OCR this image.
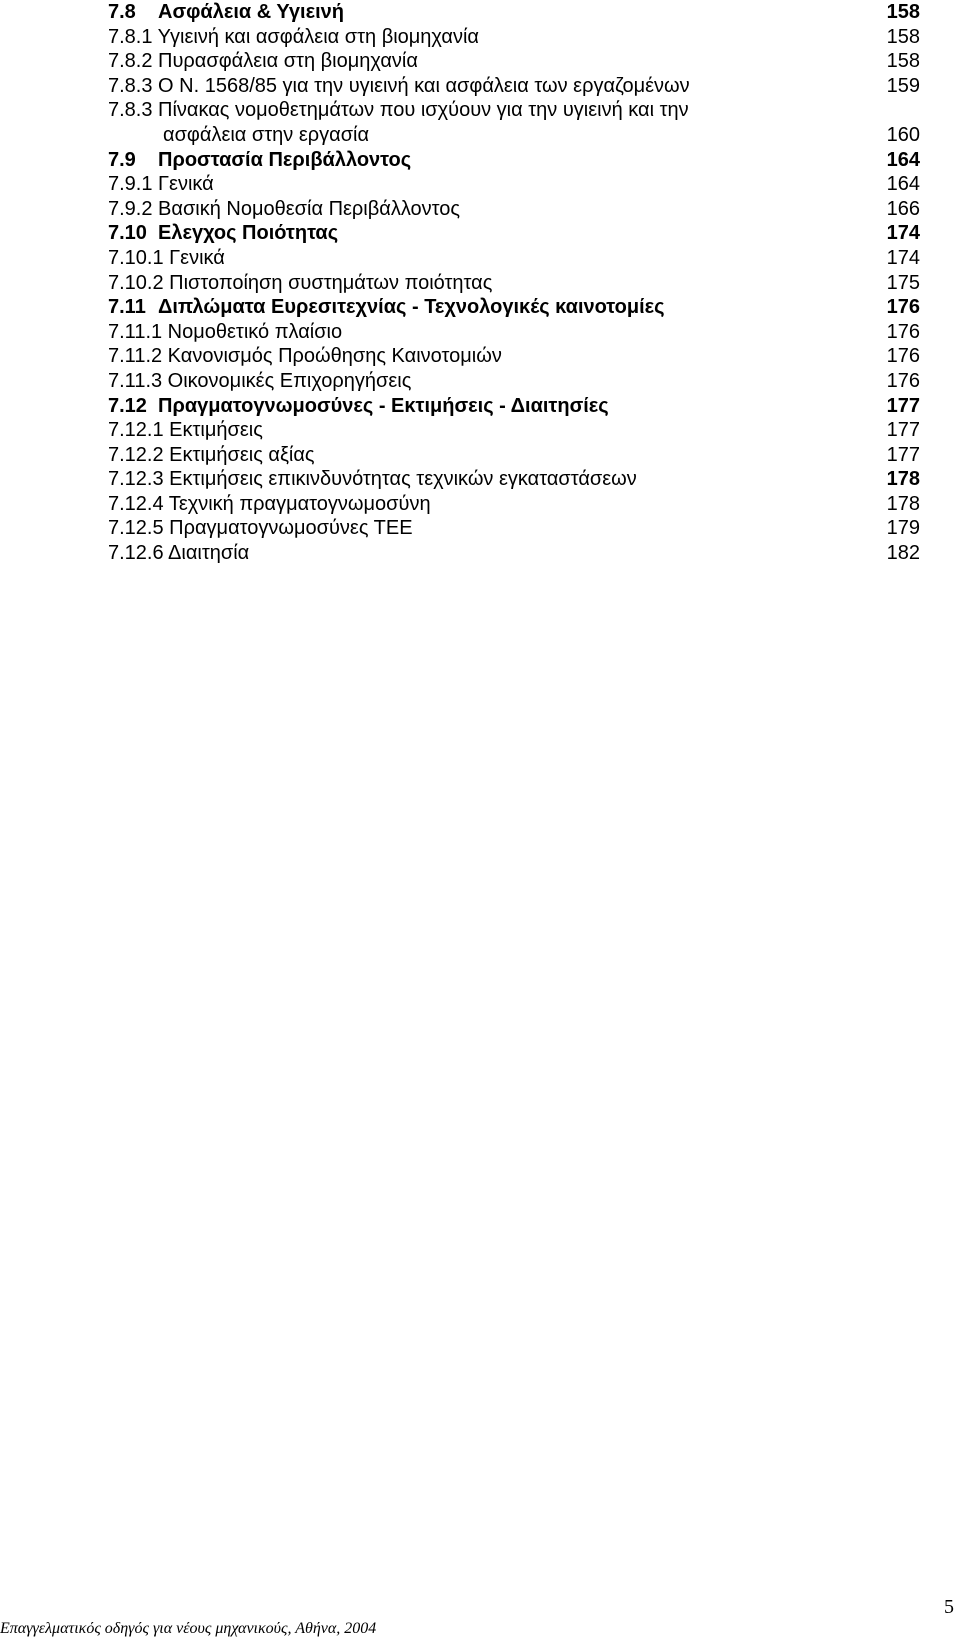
7.8 Ασφάλεια & Υγιεινή	158
7.8.1 Υγιεινή και ασφάλεια στη βιομηχανία	158
7.8.2 Πυρασφάλεια στη βιομηχανία	158
7.8.3 Ο Ν. 1568/85 για την υγιεινή και ασφάλεια των εργαζομένων	159
7.8.3 Πίνακας νομοθετημάτων που ισχύουν για την υγιεινή και την
ασφάλεια στην εργασία	160
7.9 Προστασία Περιβάλλοντος	164
7.9.1 Γενικά	164
7.9.2 Βασική Νομοθεσία Περιβάλλοντος	166
7.10 Ελεγχος Ποιότητας	174
7.10.1 Γενικά	174
7.10.2 Πιστοποίηση συστημάτων ποιότητας	175
7.11 Διπλώματα Ευρεσιτεχνίας - Τεχνολογικές καινοτομίες	176
7.11.1 Νομοθετικό πλαίσιο	176
7.11.2 Κανονισμός Προώθησης Καινοτομιών	176
7.11.3 Οικονομικές Επιχορηγήσεις	176
7.12 Πραγματογνωμοσύνες - Εκτιμήσεις - Διαιτησίες	177
7.12.1 Εκτιμήσεις	177
7.12.2 Εκτιμήσεις αξίας	177
7.12.3 Εκτιμήσεις επικινδυνότητας τεχνικών εγκαταστάσεων	178
7.12.4 Τεχνική πραγματογνωμοσύνη	178
7.12.5 Πραγματογνωμοσύνες ΤΕΕ	179
7.12.6 Διαιτησία	182
Επαγγελματικός οδηγός για νέους μηχανικούς, Αθήνα, 2004
5
